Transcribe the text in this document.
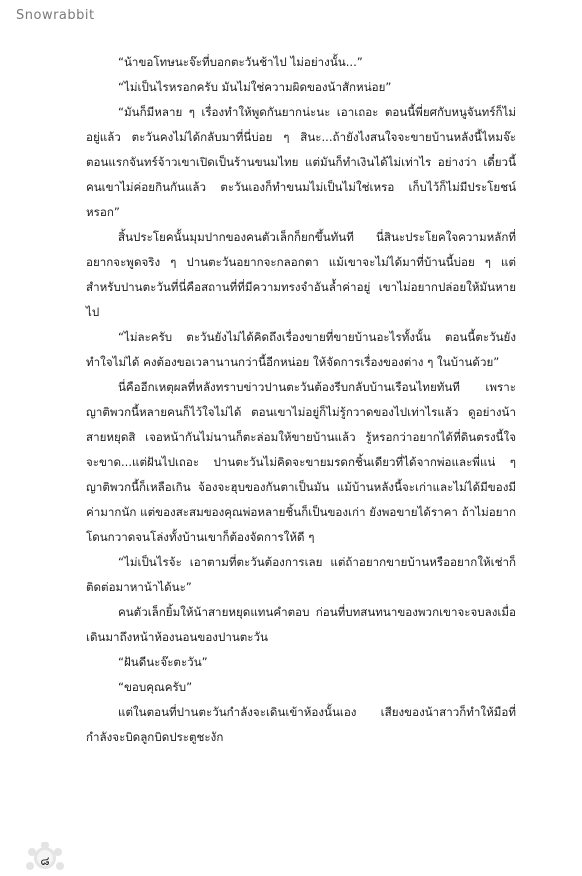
Snowrabbit

“น้าขอโทษนะจ๊ะที่บอกตะวันช้าไป ไม่อย่างนั้น...”

“ไม่เป็นไรหรอกครับ มันไม่ใช่ความผิดของน้าสักหน่อย”

“มันก็มีหลาย ๆ เรื่องทำให้พูดกันยากน่ะนะ เอาเถอะ ตอนนี้พี่ยศกับหนูจันทร์ก็ไม่อยู่แล้ว ตะวันคงไม่ได้กลับมาที่นี่บ่อย ๆ สินะ...ถ้ายังไงสนใจจะขายบ้านหลังนี้ไหมจ๊ะ ตอนแรกจันทร์จ้าวเขาเปิดเป็นร้านขนมไทย แต่มันก็ทำเงินได้ไม่เท่าไร อย่างว่า เดี๋ยวนี้คนเขาไม่ค่อยกินกันแล้ว ตะวันเองก็ทำขนมไม่เป็นไม่ใช่เหรอ เก็บไว้ก็ไม่มีประโยชน์หรอก”

สิ้นประโยคนั้นมุมปากของคนตัวเล็กก็ยกขึ้นทันที นี่สินะประโยคใจความหลักที่อยากจะพูดจริง ๆ ปานตะวันอยากจะกลอกตา แม้เขาจะไม่ได้มาที่บ้านนี้บ่อย ๆ แต่สำหรับปานตะวันที่นี่คือสถานที่ที่มีความทรงจำอันล้ำค่าอยู่ เขาไม่อยากปล่อยให้มันหายไป

“ไม่ละครับ ตะวันยังไม่ได้คิดถึงเรื่องขายที่ขายบ้านอะไรทั้งนั้น ตอนนี้ตะวันยังทำใจไม่ได้ คงต้องขอเวลานานกว่านี้อีกหน่อย ให้จัดการเรื่องของต่าง ๆ ในบ้านด้วย”

นี่คืออีกเหตุผลที่หลังทราบข่าวปานตะวันต้องรีบกลับบ้านเรือนไทยทันที เพราะญาติพวกนี้หลายคนก็ไว้ใจไม่ได้ ตอนเขาไม่อยู่ก็ไม่รู้กวาดของไปเท่าไรแล้ว ดูอย่างน้าสายหยุดสิ เจอหน้ากันไม่นานก็ตะล่อมให้ขายบ้านแล้ว รู้หรอกว่าอยากได้ที่ดินตรงนี้ใจจะขาด...แต่ฝันไปเถอะ ปานตะวันไม่คิดจะขายมรดกชิ้นเดียวที่ได้จากพ่อและพี่แน่ ๆ ญาติพวกนี้ก็เหลือเกิน จ้องจะฮุบของกันตาเป็นมัน แม้บ้านหลังนี้จะเก่าและไม่ได้มีของมีค่ามากนัก แต่ของสะสมของคุณพ่อหลายชิ้นก็เป็นของเก่า ยังพอขายได้ราคา ถ้าไม่อยากโดนกวาดจนโล่งทั้งบ้านเขาก็ต้องจัดการให้ดี ๆ

“ไม่เป็นไรจ้ะ เอาตามที่ตะวันต้องการเลย แต่ถ้าอยากขายบ้านหรืออยากให้เช่าก็ติดต่อมาหาน้าได้นะ”

คนตัวเล็กยิ้มให้น้าสายหยุดแทนคำตอบ ก่อนที่บทสนทนาของพวกเขาจะจบลงเมื่อเดินมาถึงหน้าห้องนอนของปานตะวัน

“ฝันดีนะจ๊ะตะวัน”

“ขอบคุณครับ”

แต่ในตอนที่ปานตะวันกำลังจะเดินเข้าห้องนั้นเอง เสียงของน้าสาวก็ทำให้มือที่กำลังจะบิดลูกบิดประตูชะงัก

๘
